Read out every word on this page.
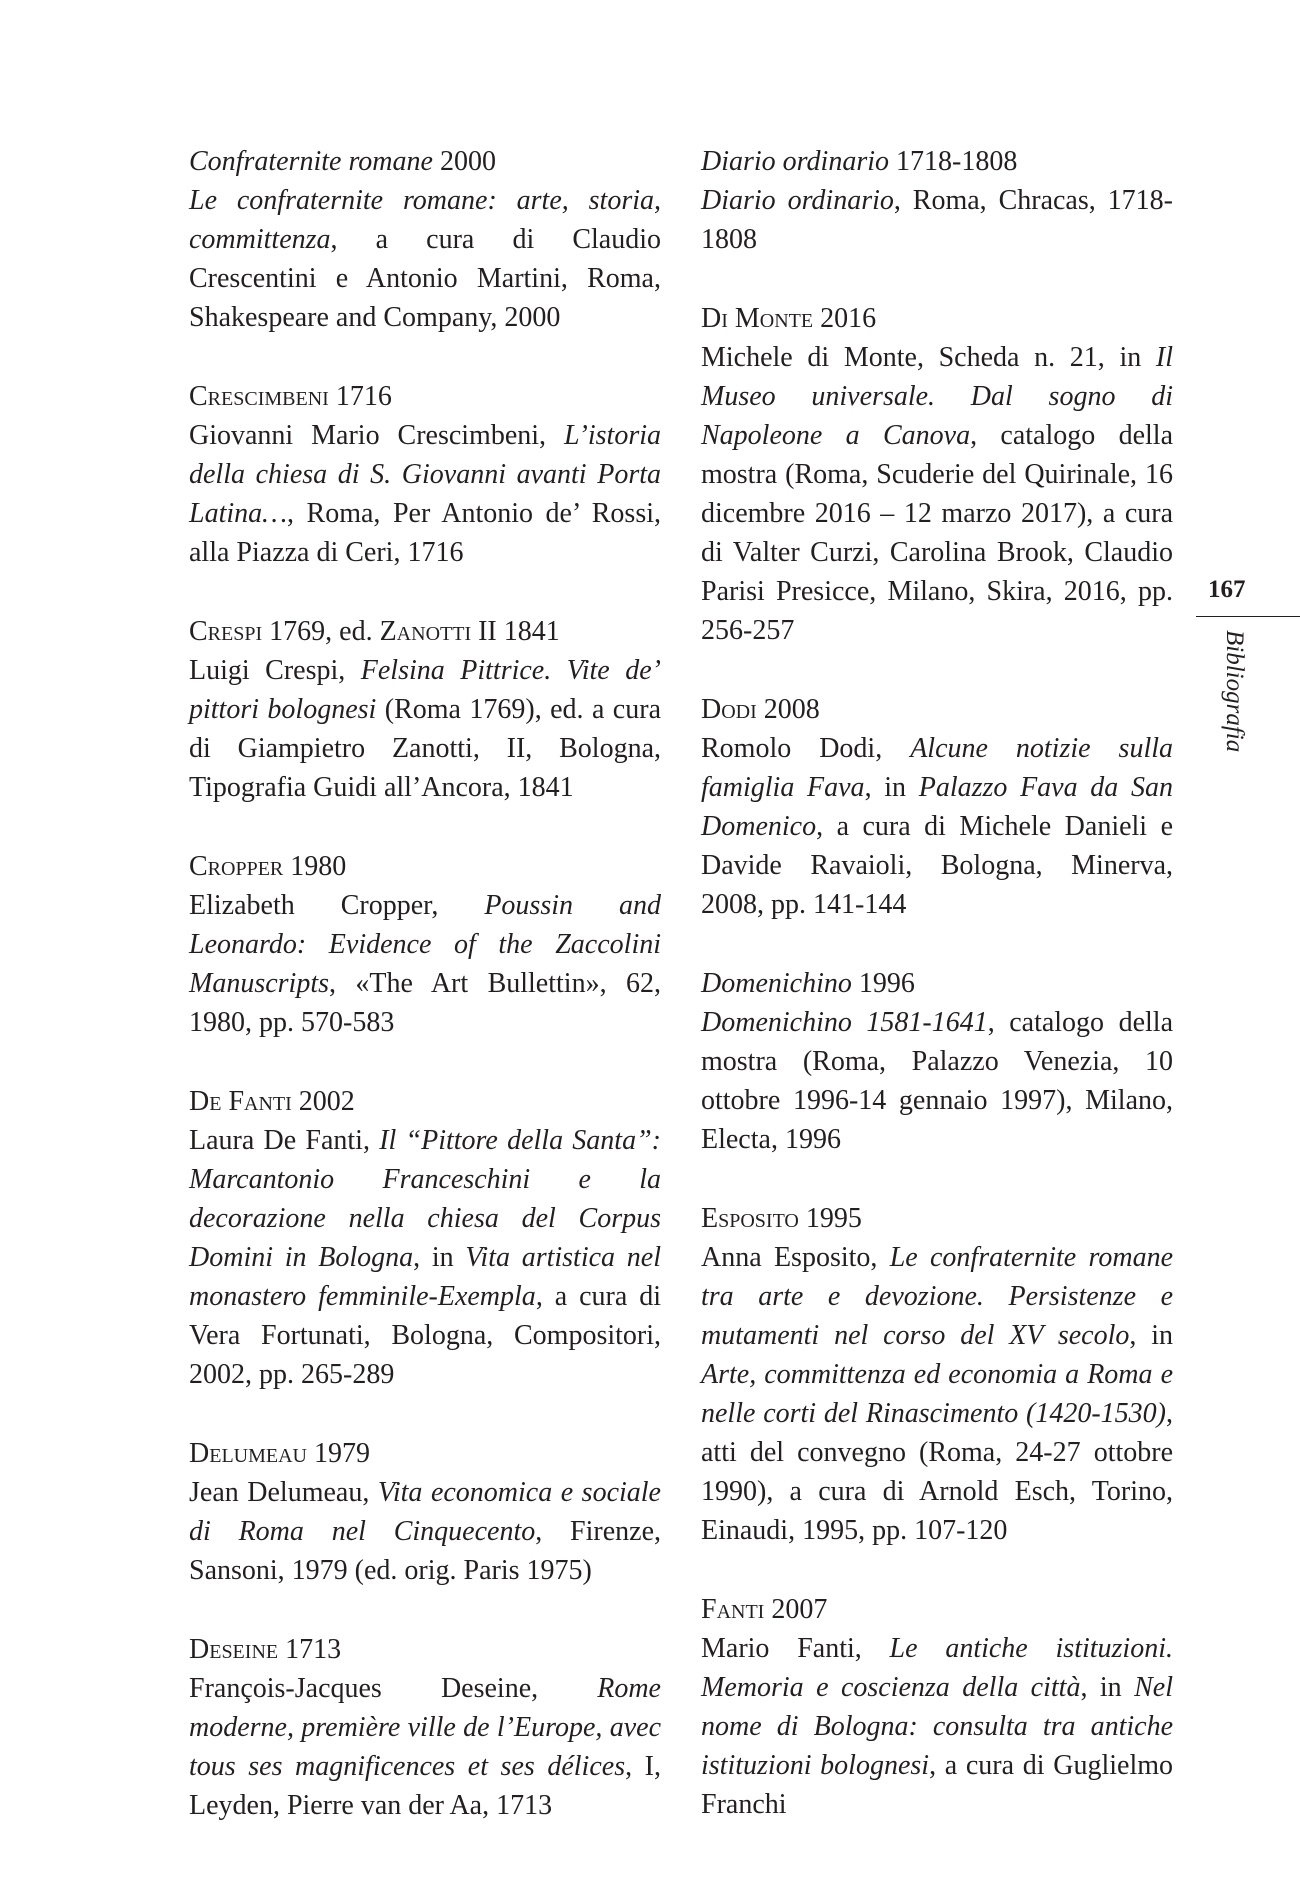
Confraternite romane 2000

Le confraternite romane: arte, storia, committenza, a cura di Claudio Crescentini e Antonio Martini, Roma, Shakespeare and Company, 2000

Crescimbeni 1716

Giovanni Mario Crescimbeni, L’istoria della chiesa di S. Giovanni avanti Porta Latina…, Roma, Per Antonio de’ Rossi, alla Piazza di Ceri, 1716

Crespi 1769, ed. Zanotti II 1841

Luigi Crespi, Felsina Pittrice. Vite de’ pittori bolognesi (Roma 1769), ed. a cura di Giampietro Zanotti, II, Bologna, Tipografia Guidi all’Ancora, 1841

Cropper 1980

Elizabeth Cropper, Poussin and Leonardo: Evidence of the Zaccolini Manuscripts, «The Art Bullettin», 62, 1980, pp. 570-583

De Fanti 2002

Laura De Fanti, Il “Pittore della Santa”: Marcantonio Franceschini e la decorazione nella chiesa del Corpus Domini in Bologna, in Vita artistica nel monastero femminile-Exempla, a cura di Vera Fortunati, Bologna, Compositori, 2002, pp. 265-289

Delumeau 1979

Jean Delumeau, Vita economica e sociale di Roma nel Cinquecento, Firenze, Sansoni, 1979 (ed. orig. Paris 1975)

Deseine 1713

François-Jacques Deseine, Rome moderne, première ville de l’Europe, avec tous ses magnificences et ses délices, I, Leyden, Pierre van der Aa, 1713

Diario ordinario 1718-1808

Diario ordinario, Roma, Chracas, 1718-1808

Di Monte 2016

Michele di Monte, Scheda n. 21, in Il Museo universale. Dal sogno di Napoleone a Canova, catalogo della mostra (Roma, Scuderie del Quirinale, 16 dicembre 2016 – 12 marzo 2017), a cura di Valter Curzi, Carolina Brook, Claudio Parisi Presicce, Milano, Skira, 2016, pp. 256-257

Dodi 2008

Romolo Dodi, Alcune notizie sulla famiglia Fava, in Palazzo Fava da San Domenico, a cura di Michele Danieli e Davide Ravaioli, Bologna, Minerva, 2008, pp. 141-144

Domenichino 1996

Domenichino 1581-1641, catalogo della mostra (Roma, Palazzo Venezia, 10 ottobre 1996-14 gennaio 1997), Milano, Electa, 1996

Esposito 1995

Anna Esposito, Le confraternite romane tra arte e devozione. Persistenze e mutamenti nel corso del XV secolo, in Arte, committenza ed economia a Roma e nelle corti del Rinascimento (1420-1530), atti del convegno (Roma, 24-27 ottobre 1990), a cura di Arnold Esch, Torino, Einaudi, 1995, pp. 107-120

Fanti 2007

Mario Fanti, Le antiche istituzioni. Memoria e coscienza della città, in Nel nome di Bologna: consulta tra antiche istituzioni bolognesi, a cura di Guglielmo Franchi

167
Bibliografia
